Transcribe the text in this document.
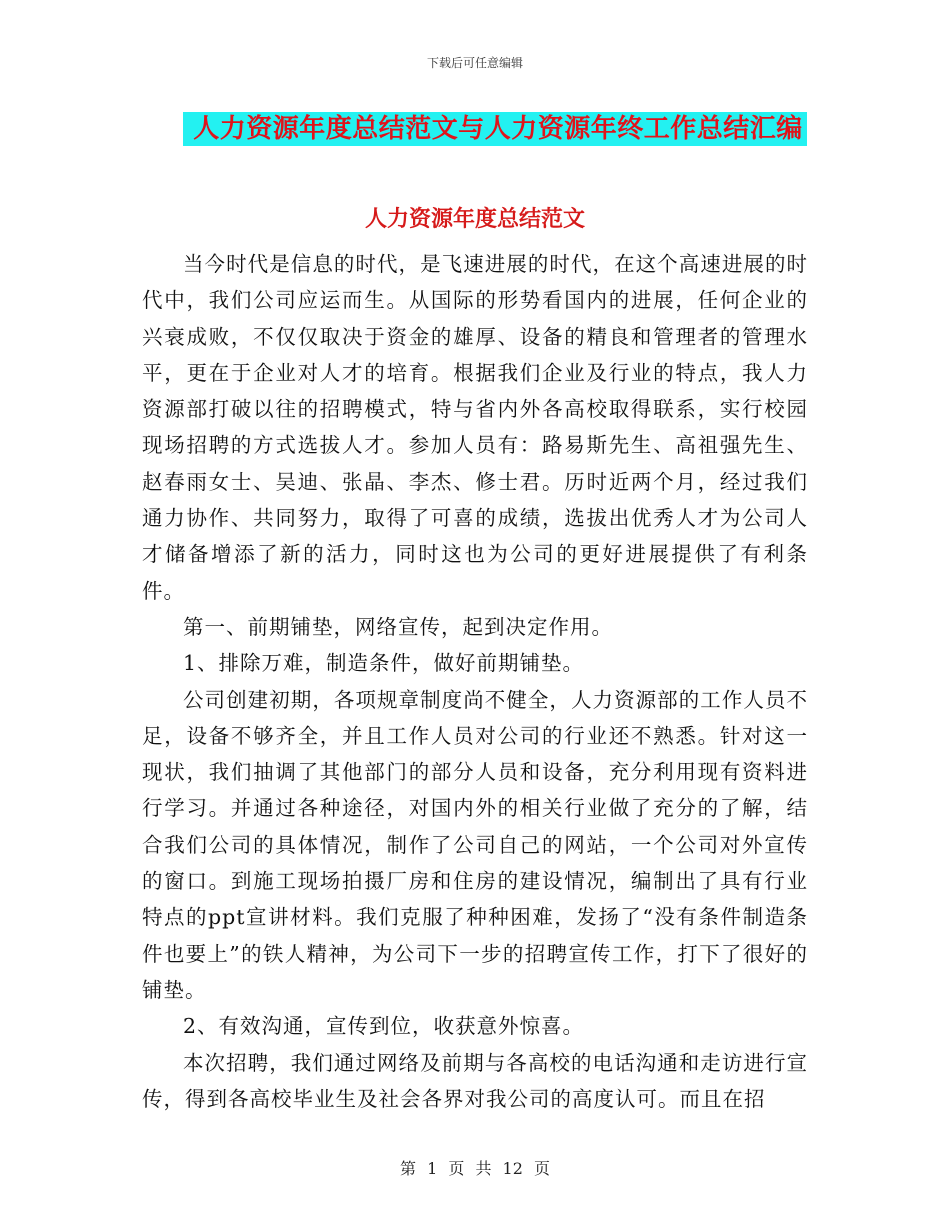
下载后可任意编辑
人力资源年度总结范文与人力资源年终工作总结汇编
人力资源年度总结范文

当今时代是信息的时代，是飞速进展的时代，在这个高速进展的时代中，我们公司应运而生。从国际的形势看国内的进展，任何企业的兴衰成败，不仅仅取决于资金的雄厚、设备的精良和管理者的管理水平，更在于企业对人才的培育。根据我们企业及行业的特点，我人力资源部打破以往的招聘模式，特与省内外各高校取得联系，实行校园现场招聘的方式选拔人才。参加人员有：路易斯先生、高祖强先生、赵春雨女士、吴迪、张晶、李杰、修士君。历时近两个月，经过我们通力协作、共同努力，取得了可喜的成绩，选拔出优秀人才为公司人才储备增添了新的活力，同时这也为公司的更好进展提供了有利条件。

第一、前期铺垫，网络宣传，起到决定作用。

1、排除万难，制造条件，做好前期铺垫。

公司创建初期，各项规章制度尚不健全，人力资源部的工作人员不足，设备不够齐全，并且工作人员对公司的行业还不熟悉。针对这一现状，我们抽调了其他部门的部分人员和设备，充分利用现有资料进行学习。并通过各种途径，对国内外的相关行业做了充分的了解，结合我们公司的具体情况，制作了公司自己的网站，一个公司对外宣传的窗口。到施工现场拍摄厂房和住房的建设情况，编制出了具有行业特点的ppt宣讲材料。我们克服了种种困难，发扬了“没有条件制造条件也要上”的铁人精神，为公司下一步的招聘宣传工作，打下了很好的铺垫。

2、有效沟通，宣传到位，收获意外惊喜。

本次招聘，我们通过网络及前期与各高校的电话沟通和走访进行宣传，得到各高校毕业生及社会各界对我公司的高度认可。而且在招

第 1 页 共 12 页
